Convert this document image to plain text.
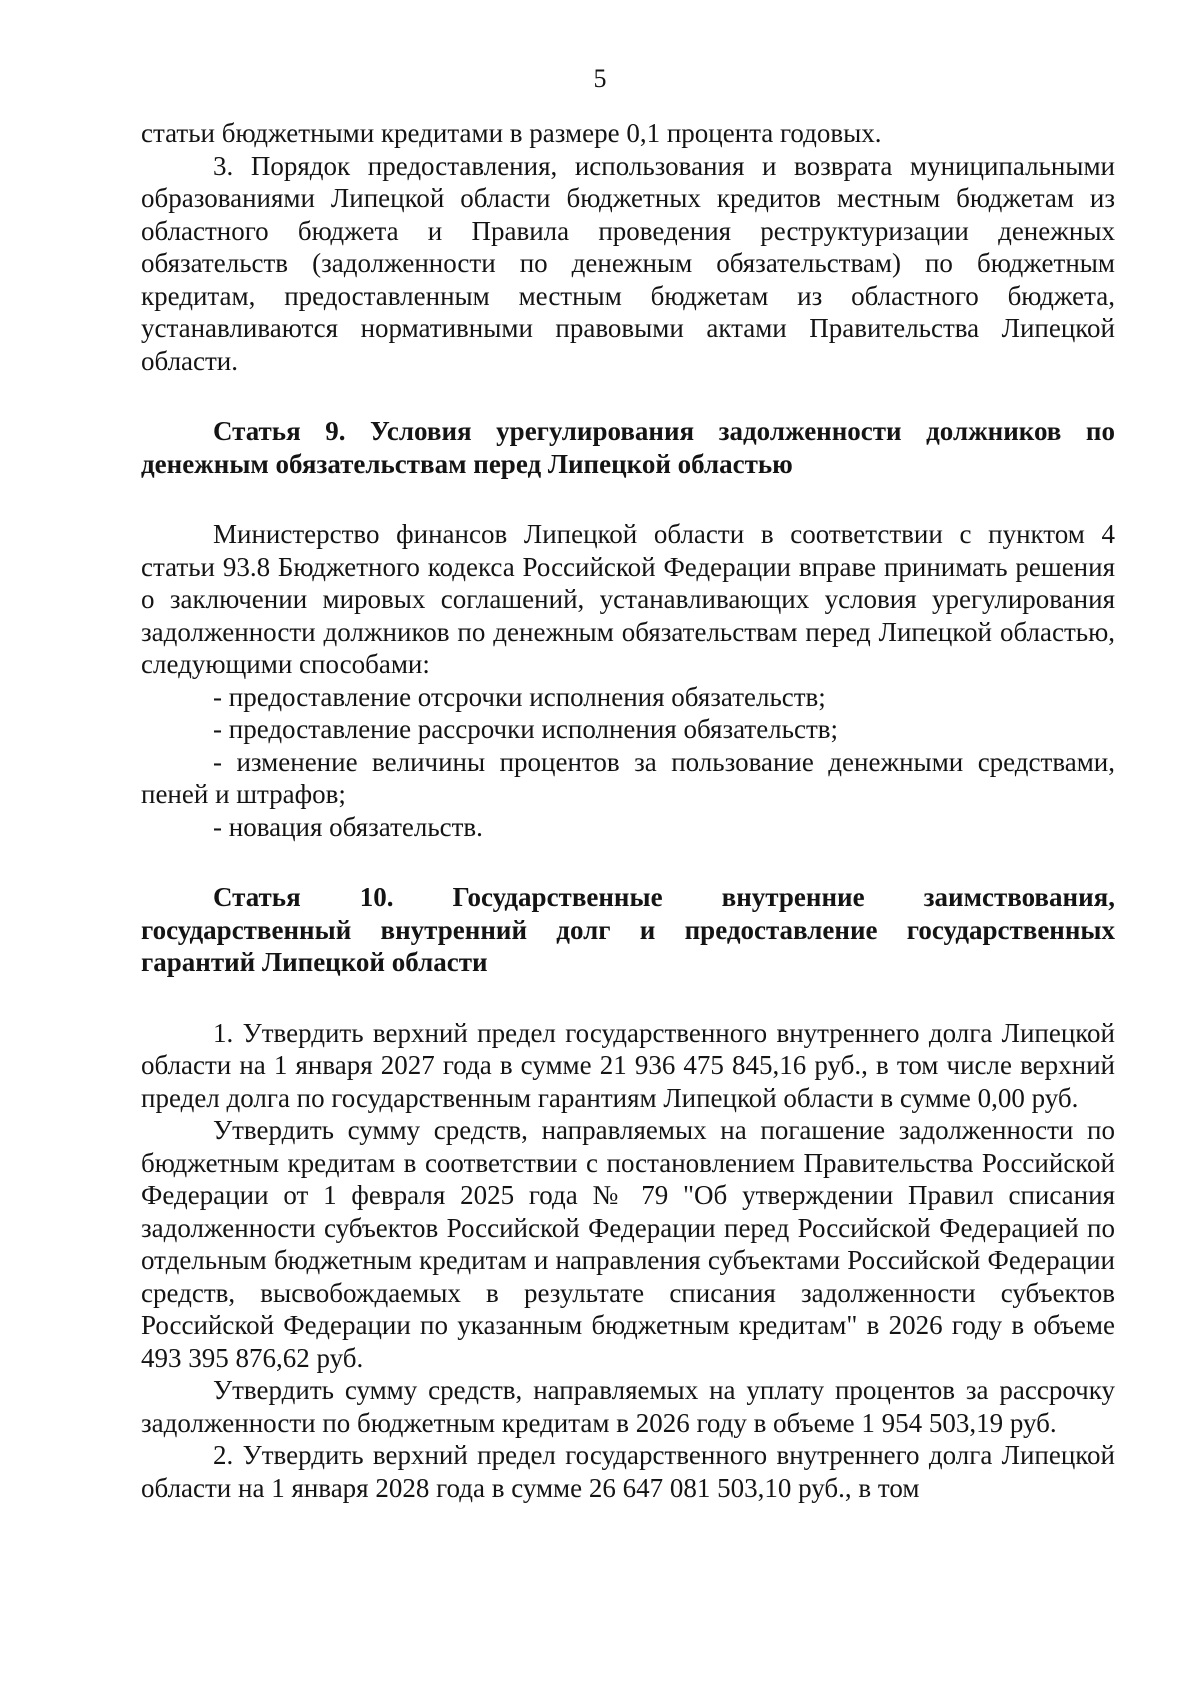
5

статьи бюджетными кредитами в размере 0,1 процента годовых.

3. Порядок предоставления, использования и возврата муниципальными образованиями Липецкой области бюджетных кредитов местным бюджетам из областного бюджета и Правила проведения реструктуризации денежных обязательств (задолженности по денежным обязательствам) по бюджетным кредитам, предоставленным местным бюджетам из областного бюджета, устанавливаются нормативными правовыми актами Правительства Липецкой области.

Статья 9. Условия урегулирования задолженности должников по денежным обязательствам перед Липецкой областью

Министерство финансов Липецкой области в соответствии с пунктом 4 статьи 93.8 Бюджетного кодекса Российской Федерации вправе принимать решения о заключении мировых соглашений, устанавливающих условия урегулирования задолженности должников по денежным обязательствам перед Липецкой областью, следующими способами:

- предоставление отсрочки исполнения обязательств;

- предоставление рассрочки исполнения обязательств;

- изменение величины процентов за пользование денежными средствами, пеней и штрафов;

- новация обязательств.

Статья 10. Государственные внутренние заимствования, государственный внутренний долг и предоставление государственных гарантий Липецкой области

1. Утвердить верхний предел государственного внутреннего долга Липецкой области на 1 января 2027 года в сумме 21 936 475 845,16 руб., в том числе верхний предел долга по государственным гарантиям Липецкой области в сумме 0,00 руб.

Утвердить сумму средств, направляемых на погашение задолженности по бюджетным кредитам в соответствии с постановлением Правительства Российской Федерации от 1 февраля 2025 года № 79 "Об утверждении Правил списания задолженности субъектов Российской Федерации перед Российской Федерацией по отдельным бюджетным кредитам и направления субъектами Российской Федерации средств, высвобождаемых в результате списания задолженности субъектов Российской Федерации по указанным бюджетным кредитам" в 2026 году в объеме 493 395 876,62 руб.

Утвердить сумму средств, направляемых на уплату процентов за рассрочку задолженности по бюджетным кредитам в 2026 году в объеме 1 954 503,19 руб.

2. Утвердить верхний предел государственного внутреннего долга Липецкой области на 1 января 2028 года в сумме 26 647 081 503,10 руб., в том
